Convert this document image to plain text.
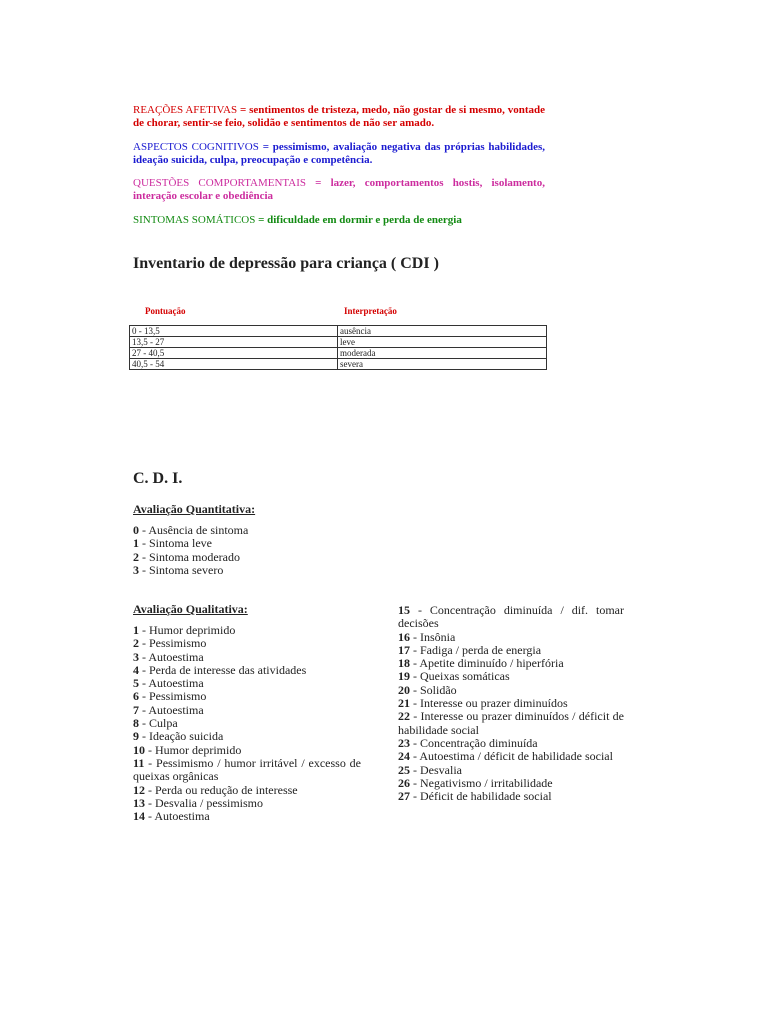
REAÇÕES AFETIVAS = sentimentos de tristeza, medo, não gostar de si mesmo, vontade de chorar, sentir-se feio, solidão e sentimentos de não ser amado.

ASPECTOS COGNITIVOS = pessimismo, avaliação negativa das próprias habilidades, ideação suicida, culpa, preocupação e competência.

QUESTÕES COMPORTAMENTAIS = lazer, comportamentos hostis, isolamento, interação escolar e obediência

SINTOMAS SOMÁTICOS = dificuldade em dormir e perda de energia

Inventario de depressão para criança ( CDI )
Pontuação	Interpretação
0 - 13,5	ausência
13,5 - 27	leve
27 - 40,5	moderada
40,5 - 54	severa
C. D. I.
Avaliação Quantitativa:
0 - Ausência de sintoma
1 - Sintoma leve
2 - Sintoma moderado
3 - Sintoma severo
Avaliação Qualitativa:
1 - Humor deprimido
2 - Pessimismo
3 - Autoestima
4 - Perda de interesse das atividades
5 - Autoestima
6 - Pessimismo
7 - Autoestima
8 - Culpa
9 - Ideação suicida
10 - Humor deprimido
11 - Pessimismo / humor irritável / excesso de queixas orgânicas
12 - Perda ou redução de interesse
13 - Desvalia / pessimismo
14 - Autoestima
15 - Concentração diminuída / dif. tomar decisões
16 - Insônia
17 - Fadiga / perda de energia
18 - Apetite diminuído / hiperfória
19 - Queixas somáticas
20 - Solidão
21 - Interesse ou prazer diminuídos
22 - Interesse ou prazer diminuídos / déficit de habilidade social
23 - Concentração diminuída
24 - Autoestima / déficit de habilidade social
25 - Desvalia
26 - Negativismo / irritabilidade
27 - Déficit de habilidade social
